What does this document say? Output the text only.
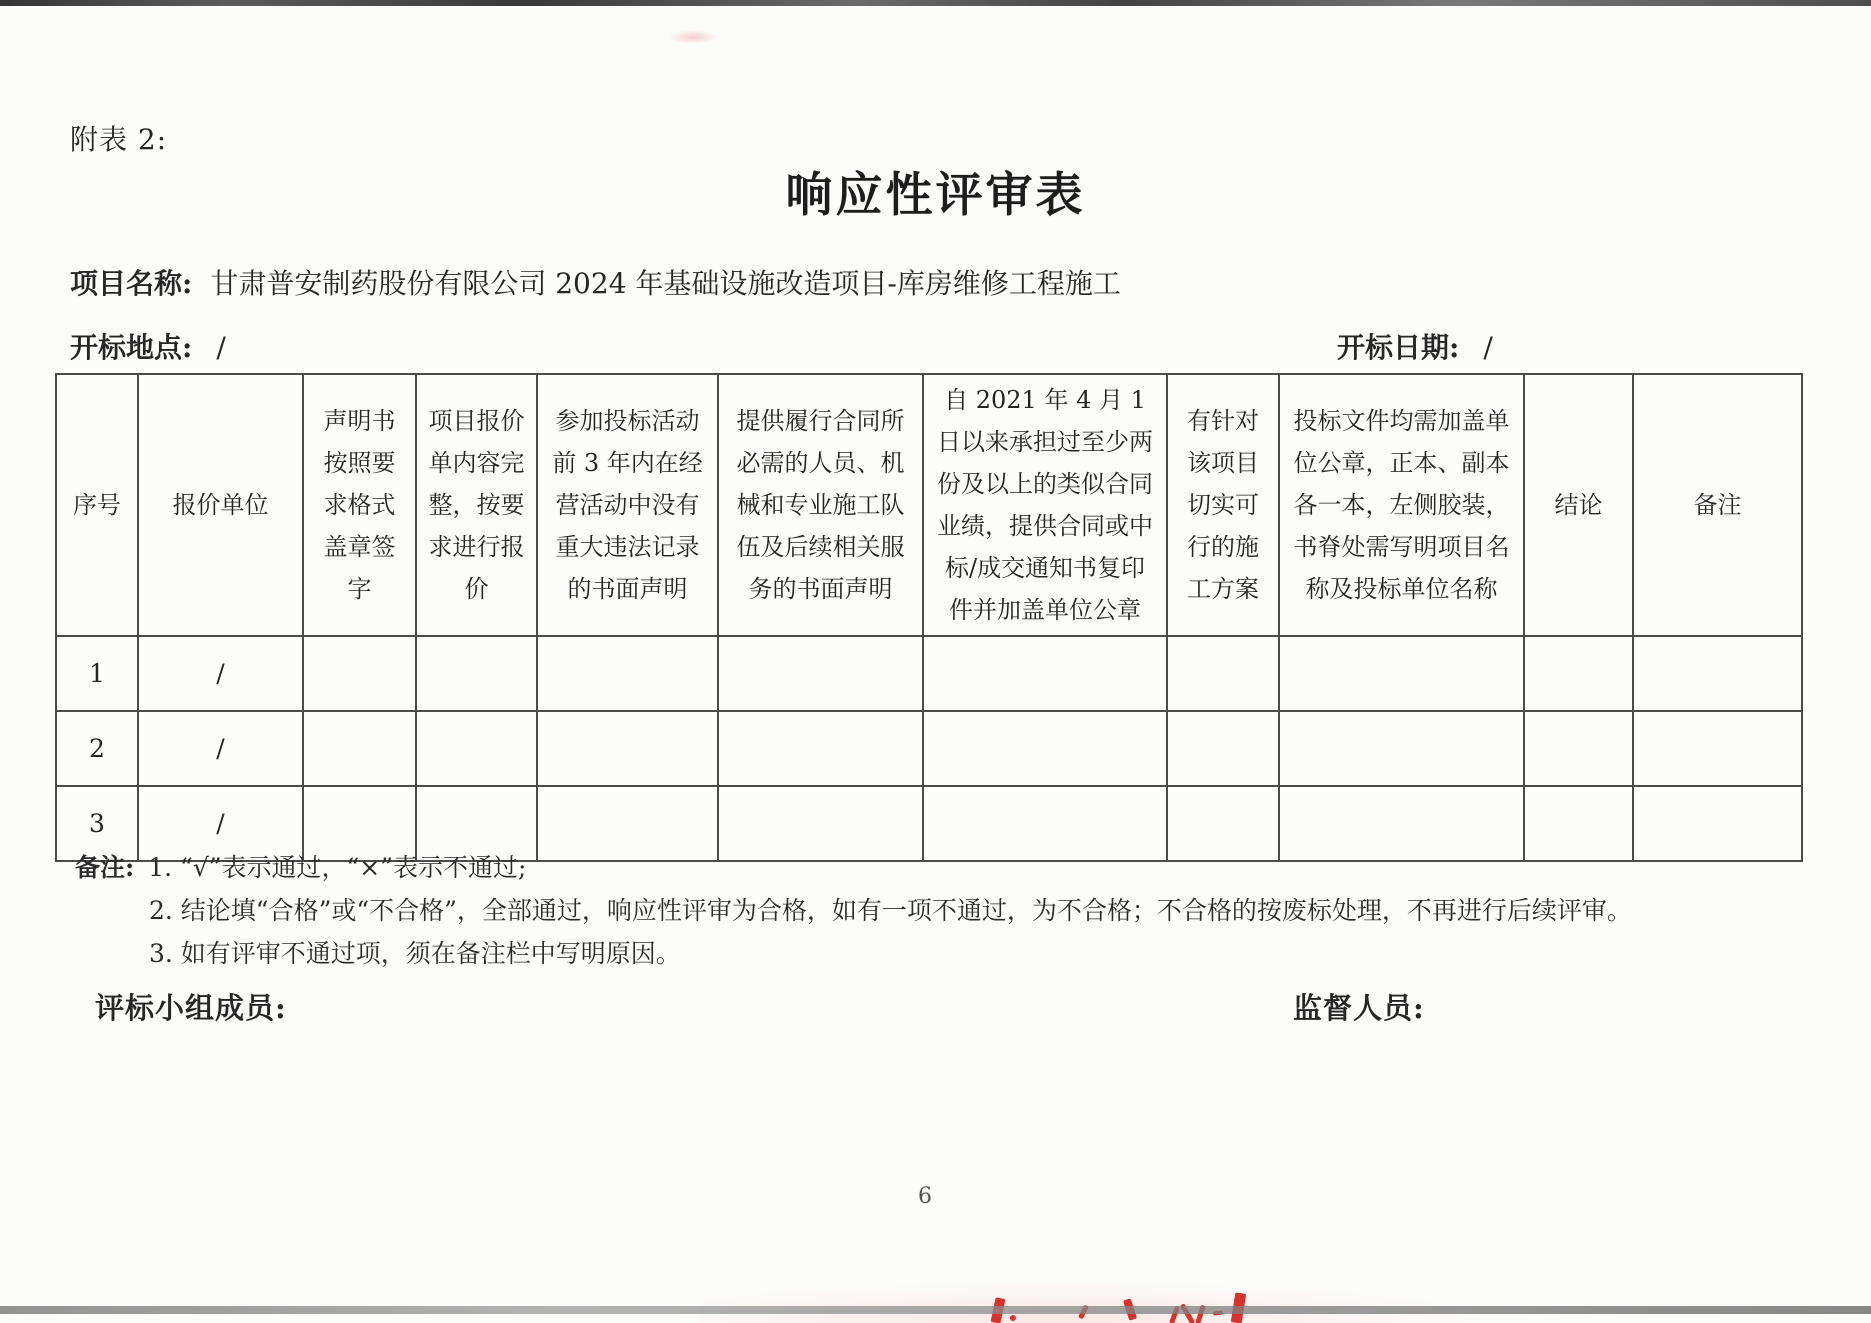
附表 2:
响应性评审表
项目名称: 甘肃普安制药股份有限公司 2024 年基础设施改造项目-库房维修工程施工
开标地点: /	开标日期: /
序号	报价单位	声明书按照要求格式盖章签字	项目报价单内容完整，按要求进行报价	参加投标活动前 3 年内在经营活动中没有重大违法记录的书面声明	提供履行合同所必需的人员、机械和专业施工队伍及后续相关服务的书面声明	自 2021 年 4 月 1 日以来承担过至少两份及以上的类似合同业绩，提供合同或中标/成交通知书复印件并加盖单位公章	有针对该项目切实可行的施工方案	投标文件均需加盖单位公章，正本、副本各一本，左侧胶装，书脊处需写明项目名称及投标单位名称	结论	备注
1	/									
2	/									
3	/									
备注: 1. “√”表示通过，“×”表示不通过;
2. 结论填“合格”或“不合格”，全部通过，响应性评审为合格，如有一项不通过，为不合格；不合格的按废标处理，不再进行后续评审。
3. 如有评审不通过项，须在备注栏中写明原因。
评标小组成员:	监督人员:
6
